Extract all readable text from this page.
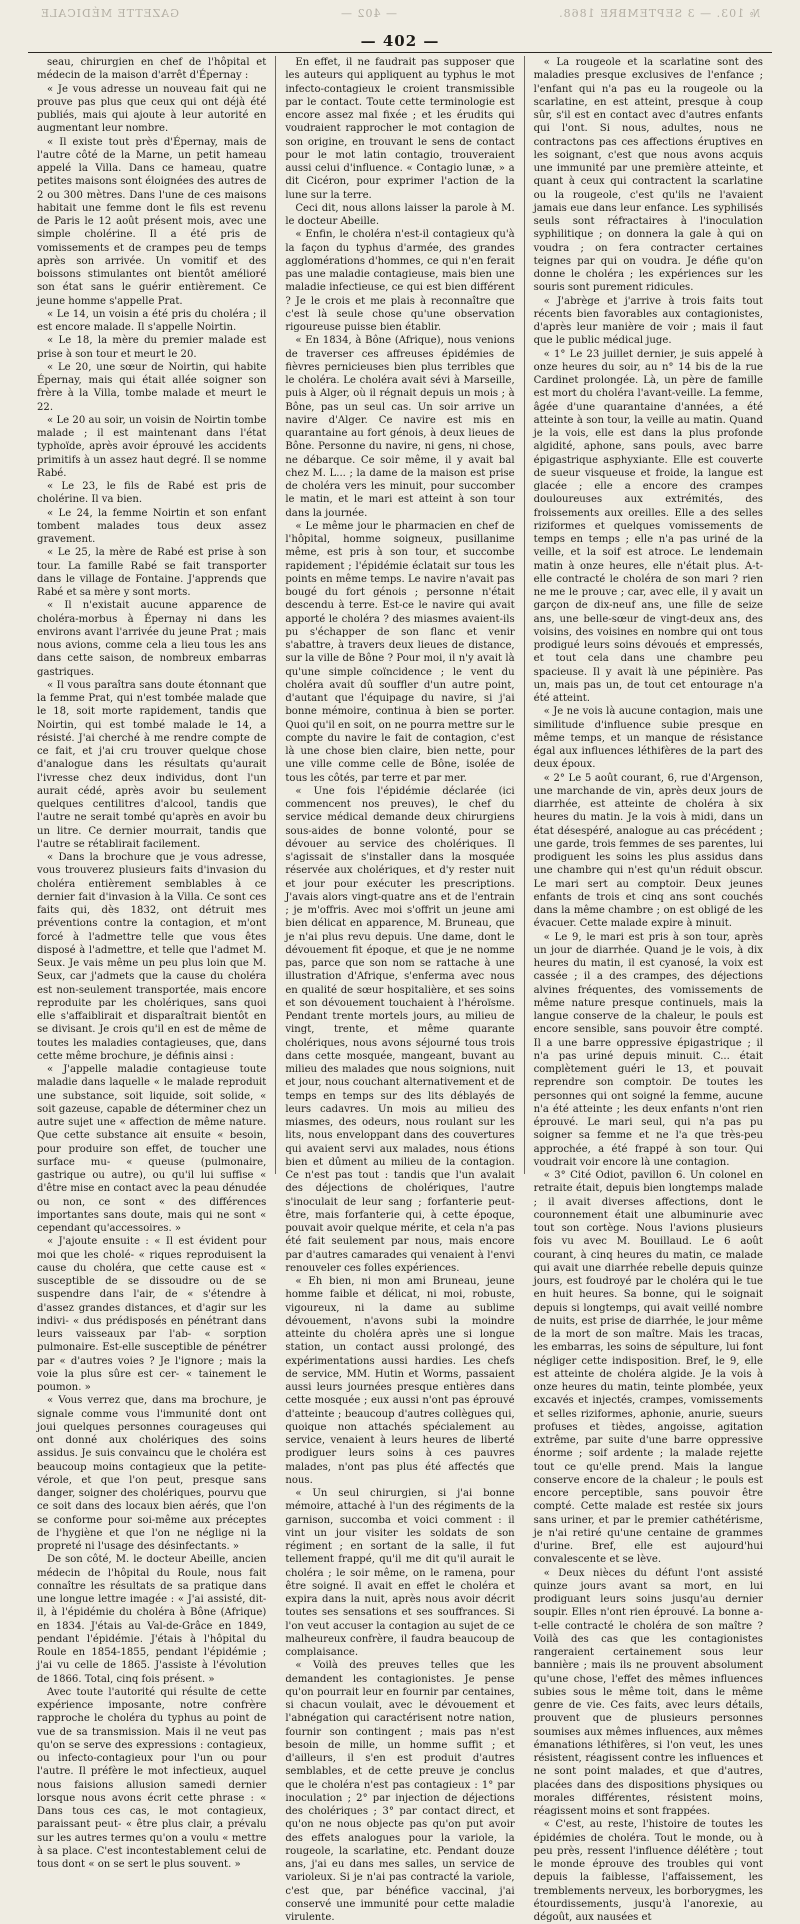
№ 103. — 3 SEPTEMBRE 1868.
— 402 —
GAZETTE MÉDICALE
— 402 —

seau, chirurgien en chef de l'hôpital et médecin de la maison d'arrêt d'Épernay :

« Je vous adresse un nouveau fait qui ne prouve pas plus que ceux qui ont déjà été publiés, mais qui ajoute à leur autorité en augmentant leur nombre.

« Il existe tout près d'Épernay, mais de l'autre côté de la Marne, un petit hameau appelé la Villa. Dans ce hameau, quatre petites maisons sont éloignées des autres de 2 ou 300 mètres. Dans l'une de ces maisons habitait une femme dont le fils est revenu de Paris le 12 août présent mois, avec une simple cholérine. Il a été pris de vomissements et de crampes peu de temps après son arrivée. Un vomitif et des boissons stimulantes ont bientôt amélioré son état sans le guérir entièrement. Ce jeune homme s'appelle Prat.

« Le 14, un voisin a été pris du choléra ; il est encore malade. Il s'appelle Noirtin.

« Le 18, la mère du premier malade est prise à son tour et meurt le 20.

« Le 20, une sœur de Noirtin, qui habite Épernay, mais qui était allée soigner son frère à la Villa, tombe malade et meurt le 22.

« Le 20 au soir, un voisin de Noirtin tombe malade ; il est maintenant dans l'état typhoïde, après avoir éprouvé les accidents primitifs à un assez haut degré. Il se nomme Rabé.

« Le 23, le fils de Rabé est pris de cholérine. Il va bien.

« Le 24, la femme Noirtin et son enfant tombent malades tous deux assez gravement.

« Le 25, la mère de Rabé est prise à son tour. La famille Rabé se fait transporter dans le village de Fontaine. J'apprends que Rabé et sa mère y sont morts.

« Il n'existait aucune apparence de choléra-morbus à Épernay ni dans les environs avant l'arrivée du jeune Prat ; mais nous avions, comme cela a lieu tous les ans dans cette saison, de nombreux embarras gastriques.

« Il vous paraîtra sans doute étonnant que la femme Prat, qui n'est tombée malade que le 18, soit morte rapidement, tandis que Noirtin, qui est tombé malade le 14, a résisté. J'ai cherché à me rendre compte de ce fait, et j'ai cru trouver quelque chose d'analogue dans les résultats qu'aurait l'ivresse chez deux individus, dont l'un aurait cédé, après avoir bu seulement quelques centilitres d'alcool, tandis que l'autre ne serait tombé qu'après en avoir bu un litre. Ce dernier mourrait, tandis que l'autre se rétablirait facilement.

« Dans la brochure que je vous adresse, vous trouverez plusieurs faits d'invasion du choléra entièrement semblables à ce dernier fait d'invasion à la Villa. Ce sont ces faits qui, dès 1832, ont détruit mes préventions contre la contagion, et m'ont forcé à l'admettre telle que vous êtes disposé à l'admettre, et telle que l'admet M. Seux. Je vais même un peu plus loin que M. Seux, car j'admets que la cause du choléra est non-seulement transportée, mais encore reproduite par les cholériques, sans quoi elle s'affaiblirait et disparaîtrait bientôt en se divisant. Je crois qu'il en est de même de toutes les maladies contagieuses, que, dans cette même brochure, je définis ainsi :

« J'appelle maladie contagieuse toute maladie dans laquelle « le malade reproduit une substance, soit liquide, soit solide, « soit gazeuse, capable de déterminer chez un autre sujet une « affection de même nature. Que cette substance ait ensuite « besoin, pour produire son effet, de toucher une surface mu- « queuse (pulmonaire, gastrique ou autre), ou qu'il lui suffise « d'être mise en contact avec la peau dénudée ou non, ce sont « des différences importantes sans doute, mais qui ne sont « cependant qu'accessoires. »

« J'ajoute ensuite : « Il est évident pour moi que les cholé- « riques reproduisent la cause du choléra, que cette cause est « susceptible de se dissoudre ou de se suspendre dans l'air, de « s'étendre à d'assez grandes distances, et d'agir sur les indivi- « dus prédisposés en pénétrant dans leurs vaisseaux par l'ab- « sorption pulmonaire. Est-elle susceptible de pénétrer par « d'autres voies ? Je l'ignore ; mais la voie la plus sûre est cer- « tainement le poumon. »

« Vous verrez que, dans ma brochure, je signale comme vous l'immunité dont ont joui quelques personnes courageuses qui ont donné aux cholériques des soins assidus. Je suis convaincu que le choléra est beaucoup moins contagieux que la petite-vérole, et que l'on peut, presque sans danger, soigner des cholériques, pourvu que ce soit dans des locaux bien aérés, que l'on se conforme pour soi-même aux préceptes de l'hygiène et que l'on ne néglige ni la propreté ni l'usage des désinfectants. »

De son côté, M. le docteur Abeille, ancien médecin de l'hôpital du Roule, nous fait connaître les résultats de sa pratique dans une longue lettre imagée : « J'ai assisté, dit-il, à l'épidémie du choléra à Bône (Afrique) en 1834. J'étais au Val-de-Grâce en 1849, pendant l'épidémie. J'étais à l'hôpital du Roule en 1854-1855, pendant l'épidémie ; j'ai vu celle de 1865. J'assiste à l'évolution de 1866. Total, cinq fois présent. »

Avec toute l'autorité qui résulte de cette expérience imposante, notre confrère rapproche le choléra du typhus au point de vue de sa transmission. Mais il ne veut pas qu'on se serve des expressions : contagieux, ou infecto-contagieux pour l'un ou pour l'autre. Il préfère le mot infectieux, auquel nous faisions allusion samedi dernier lorsque nous avons écrit cette phrase : « Dans tous ces cas, le mot contagieux, paraissant peut- « être plus clair, a prévalu sur les autres termes qu'on a voulu « mettre à sa place. C'est incontestablement celui de tous dont « on se sert le plus souvent. »

En effet, il ne faudrait pas supposer que les auteurs qui appliquent au typhus le mot infecto-contagieux le croient transmissible par le contact. Toute cette terminologie est encore assez mal fixée ; et les érudits qui voudraient rapprocher le mot contagion de son origine, en trouvant le sens de contact pour le mot latin contagio, trouveraient aussi celui d'influence. « Contagio lunæ, » a dit Cicéron, pour exprimer l'action de la lune sur la terre.

Ceci dit, nous allons laisser la parole à M. le docteur Abeille.

« Enfin, le choléra n'est-il contagieux qu'à la façon du typhus d'armée, des grandes agglomérations d'hommes, ce qui n'en ferait pas une maladie contagieuse, mais bien une maladie infectieuse, ce qui est bien différent ? Je le crois et me plais à reconnaître que c'est là seule chose qu'une observation rigoureuse puisse bien établir.

« En 1834, à Bône (Afrique), nous venions de traverser ces affreuses épidémies de fièvres pernicieuses bien plus terribles que le choléra. Le choléra avait sévi à Marseille, puis à Alger, où il régnait depuis un mois ; à Bône, pas un seul cas. Un soir arrive un navire d'Alger. Ce navire est mis en quarantaine au fort génois, à deux lieues de Bône. Personne du navire, ni gens, ni chose, ne débarque. Ce soir même, il y avait bal chez M. L... ; la dame de la maison est prise de choléra vers les minuit, pour succomber le matin, et le mari est atteint à son tour dans la journée.

« Le même jour le pharmacien en chef de l'hôpital, homme soigneux, pusillanime même, est pris à son tour, et succombe rapidement ; l'épidémie éclatait sur tous les points en même temps. Le navire n'avait pas bougé du fort génois ; personne n'était descendu à terre. Est-ce le navire qui avait apporté le choléra ? des miasmes avaient-ils pu s'échapper de son flanc et venir s'abattre, à travers deux lieues de distance, sur la ville de Bône ? Pour moi, il n'y avait là qu'une simple coïncidence ; le vent du choléra avait dû souffler d'un autre point, d'autant que l'équipage du navire, si j'ai bonne mémoire, continua à bien se porter. Quoi qu'il en soit, on ne pourra mettre sur le compte du navire le fait de contagion, c'est là une chose bien claire, bien nette, pour une ville comme celle de Bône, isolée de tous les côtés, par terre et par mer.

« Une fois l'épidémie déclarée (ici commencent nos preuves), le chef du service médical demande deux chirurgiens sous-aides de bonne volonté, pour se dévouer au service des cholériques. Il s'agissait de s'installer dans la mosquée réservée aux cholériques, et d'y rester nuit et jour pour exécuter les prescriptions. J'avais alors vingt-quatre ans et de l'entrain ; je m'offris. Avec moi s'offrit un jeune ami bien délicat en apparence, M. Bruneau, que je n'ai plus revu depuis. Une dame, dont le dévouement fit époque, et que je ne nomme pas, parce que son nom se rattache à une illustration d'Afrique, s'enferma avec nous en qualité de sœur hospitalière, et ses soins et son dévouement touchaient à l'héroïsme. Pendant trente mortels jours, au milieu de vingt, trente, et même quarante cholériques, nous avons séjourné tous trois dans cette mosquée, mangeant, buvant au milieu des malades que nous soignions, nuit et jour, nous couchant alternativement et de temps en temps sur des lits déblayés de leurs cadavres. Un mois au milieu des miasmes, des odeurs, nous roulant sur les lits, nous enveloppant dans des couvertures qui avaient servi aux malades, nous étions bien et dûment au milieu de la contagion. Ce n'est pas tout : tandis que l'un avalait des déjections de cholériques, l'autre s'inoculait de leur sang ; forfanterie peut-être, mais forfanterie qui, à cette époque, pouvait avoir quelque mérite, et cela n'a pas été fait seulement par nous, mais encore par d'autres camarades qui venaient à l'envi renouveler ces folles expériences.

« Eh bien, ni mon ami Bruneau, jeune homme faible et délicat, ni moi, robuste, vigoureux, ni la dame au sublime dévouement, n'avons subi la moindre atteinte du choléra après une si longue station, un contact aussi prolongé, des expérimentations aussi hardies. Les chefs de service, MM. Hutin et Worms, passaient aussi leurs journées presque entières dans cette mosquée ; eux aussi n'ont pas éprouvé d'atteinte ; beaucoup d'autres collègues qui, quoique non attachés spécialement au service, venaient à leurs heures de liberté prodiguer leurs soins à ces pauvres malades, n'ont pas plus été affectés que nous.

« Un seul chirurgien, si j'ai bonne mémoire, attaché à l'un des régiments de la garnison, succomba et voici comment : il vint un jour visiter les soldats de son régiment ; en sortant de la salle, il fut tellement frappé, qu'il me dit qu'il aurait le choléra ; le soir même, on le ramena, pour être soigné. Il avait en effet le choléra et expira dans la nuit, après nous avoir décrit toutes ses sensations et ses souffrances. Si l'on veut accuser la contagion au sujet de ce malheureux confrère, il faudra beaucoup de complaisance.

« Voilà des preuves telles que les demandent les contagionistes. Je pense qu'on pourrait leur en fournir par centaines, si chacun voulait, avec le dévouement et l'abnégation qui caractérisent notre nation, fournir son contingent ; mais pas n'est besoin de mille, un homme suffit ; et d'ailleurs, il s'en est produit d'autres semblables, et de cette preuve je conclus que le choléra n'est pas contagieux : 1° par inoculation ; 2° par injection de déjections des cholériques ; 3° par contact direct, et qu'on ne nous objecte pas qu'on put avoir des effets analogues pour la variole, la rougeole, la scarlatine, etc. Pendant douze ans, j'ai eu dans mes salles, un service de varioleux. Si je n'ai pas contracté la variole, c'est que, par bénéfice vaccinal, j'ai conservé une immunité pour cette maladie virulente.

« La rougeole et la scarlatine sont des maladies presque exclusives de l'enfance ; l'enfant qui n'a pas eu la rougeole ou la scarlatine, en est atteint, presque à coup sûr, s'il est en contact avec d'autres enfants qui l'ont. Si nous, adultes, nous ne contractons pas ces affections éruptives en les soignant, c'est que nous avons acquis une immunité par une première atteinte, et quant à ceux qui contractent la scarlatine ou la rougeole, c'est qu'ils ne l'avaient jamais eue dans leur enfance. Les syphilisés seuls sont réfractaires à l'inoculation syphilitique ; on donnera la gale à qui on voudra ; on fera contracter certaines teignes par qui on voudra. Je défie qu'on donne le choléra ; les expériences sur les souris sont purement ridicules.

« J'abrège et j'arrive à trois faits tout récents bien favorables aux contagionistes, d'après leur manière de voir ; mais il faut que le public médical juge.

« 1° Le 23 juillet dernier, je suis appelé à onze heures du soir, au n° 14 bis de la rue Cardinet prolongée. Là, un père de famille est mort du choléra l'avant-veille. La femme, âgée d'une quarantaine d'années, a été atteinte à son tour, la veille au matin. Quand je la vois, elle est dans la plus profonde algidité, aphone, sans pouls, avec barre épigastrique asphyxiante. Elle est couverte de sueur visqueuse et froide, la langue est glacée ; elle a encore des crampes douloureuses aux extrémités, des froissements aux oreilles. Elle a des selles riziformes et quelques vomissements de temps en temps ; elle n'a pas uriné de la veille, et la soif est atroce. Le lendemain matin à onze heures, elle n'était plus. A-t-elle contracté le choléra de son mari ? rien ne me le prouve ; car, avec elle, il y avait un garçon de dix-neuf ans, une fille de seize ans, une belle-sœur de vingt-deux ans, des voisins, des voisines en nombre qui ont tous prodigué leurs soins dévoués et empressés, et tout cela dans une chambre peu spacieuse. Il y avait là une pépinière. Pas un, mais pas un, de tout cet entourage n'a été atteint.

« Je ne vois là aucune contagion, mais une similitude d'influence subie presque en même temps, et un manque de résistance égal aux influences léthifères de la part des deux époux.

« 2° Le 5 août courant, 6, rue d'Argenson, une marchande de vin, après deux jours de diarrhée, est atteinte de choléra à six heures du matin. Je la vois à midi, dans un état désespéré, analogue au cas précédent ; une garde, trois femmes de ses parentes, lui prodiguent les soins les plus assidus dans une chambre qui n'est qu'un réduit obscur. Le mari sert au comptoir. Deux jeunes enfants de trois et cinq ans sont couchés dans la même chambre ; on est obligé de les évacuer. Cette malade expire à minuit.

« Le 9, le mari est pris à son tour, après un jour de diarrhée. Quand je le vois, à dix heures du matin, il est cyanosé, la voix est cassée ; il a des crampes, des déjections alvines fréquentes, des vomissements de même nature presque continuels, mais la langue conserve de la chaleur, le pouls est encore sensible, sans pouvoir être compté. Il a une barre oppressive épigastrique ; il n'a pas uriné depuis minuit. C... était complètement guéri le 13, et pouvait reprendre son comptoir. De toutes les personnes qui ont soigné la femme, aucune n'a été atteinte ; les deux enfants n'ont rien éprouvé. Le mari seul, qui n'a pas pu soigner sa femme et ne l'a que très-peu approchée, a été frappé à son tour. Qui voudrait voir encore là une contagion.

« 3° Cité Odiot, pavillon 6. Un colonel en retraite était, depuis bien longtemps malade ; il avait diverses affections, dont le couronnement était une albuminurie avec tout son cortège. Nous l'avions plusieurs fois vu avec M. Bouillaud. Le 6 août courant, à cinq heures du matin, ce malade qui avait une diarrhée rebelle depuis quinze jours, est foudroyé par le choléra qui le tue en huit heures. Sa bonne, qui le soignait depuis si longtemps, qui avait veillé nombre de nuits, est prise de diarrhée, le jour même de la mort de son maître. Mais les tracas, les embarras, les soins de sépulture, lui font négliger cette indisposition. Bref, le 9, elle est atteinte de choléra algide. Je la vois à onze heures du matin, teinte plombée, yeux excavés et injectés, crampes, vomissements et selles riziformes, aphonie, anurie, sueurs profuses et tièdes, angoisse, agitation extrême, par suite d'une barre oppressive énorme ; soif ardente ; la malade rejette tout ce qu'elle prend. Mais la langue conserve encore de la chaleur ; le pouls est encore perceptible, sans pouvoir être compté. Cette malade est restée six jours sans uriner, et par le premier cathétérisme, je n'ai retiré qu'une centaine de grammes d'urine. Bref, elle est aujourd'hui convalescente et se lève.

« Deux nièces du défunt l'ont assisté quinze jours avant sa mort, en lui prodiguant leurs soins jusqu'au dernier soupir. Elles n'ont rien éprouvé. La bonne a-t-elle contracté le choléra de son maître ? Voilà des cas que les contagionistes rangeraient certainement sous leur bannière ; mais ils ne prouvent absolument qu'une chose, l'effet des mêmes influences subies sous le même toit, dans le même genre de vie. Ces faits, avec leurs détails, prouvent que de plusieurs personnes soumises aux mêmes influences, aux mêmes émanations léthifères, si l'on veut, les unes résistent, réagissent contre les influences et ne sont point malades, et que d'autres, placées dans des dispositions physiques ou morales différentes, résistent moins, réagissent moins et sont frappées.

« C'est, au reste, l'histoire de toutes les épidémies de choléra. Tout le monde, ou à peu près, ressent l'influence délétère ; tout le monde éprouve des troubles qui vont depuis la faiblesse, l'affaissement, les tremblements nerveux, les borborygmes, les étourdissements, jusqu'à l'anorexie, au dégoût, aux nausées et
